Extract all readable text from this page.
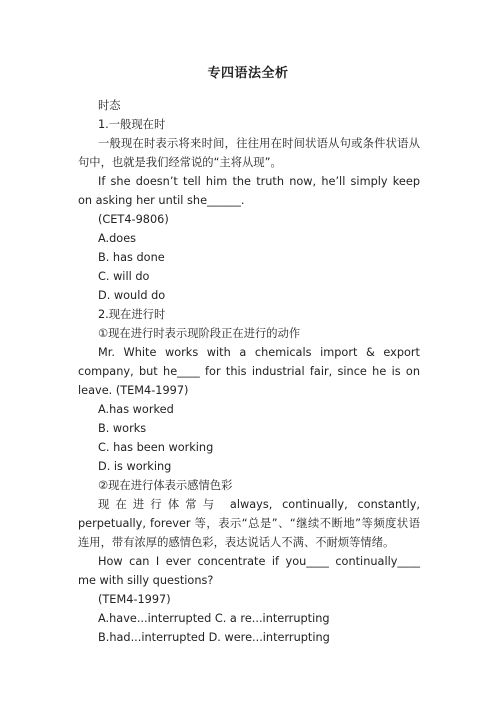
专四语法全析

时态

1.一般现在时

一般现在时表示将来时间，往往用在时间状语从句或条件状语从句中，也就是我们经常说的“主将从现”。

If she doesn’t tell him the truth now, he’ll simply keep on asking her until she______.

(CET4-9806)

A.does

B. has done

C. will do

D. would do

2.现在进行时

①现在进行时表示现阶段正在进行的动作

Mr. White works with a chemicals import & export company, but he____ for this industrial fair, since he is on leave. (TEM4-1997)

A.has worked

B. works

C. has been working

D. is working

②现在进行体表示感情色彩

现在进行体常与 always, continually, constantly, perpetually, forever 等，表示“总是”、“继续不断地”等频度状语连用，带有浓厚的感情色彩，表达说话人不满、不耐烦等情绪。

How can I ever concentrate if you____ continually____ me with silly questions?

(TEM4-1997)

A.have...interrupted C. a re...interrupting

B.had...interrupted D. were...interrupting
